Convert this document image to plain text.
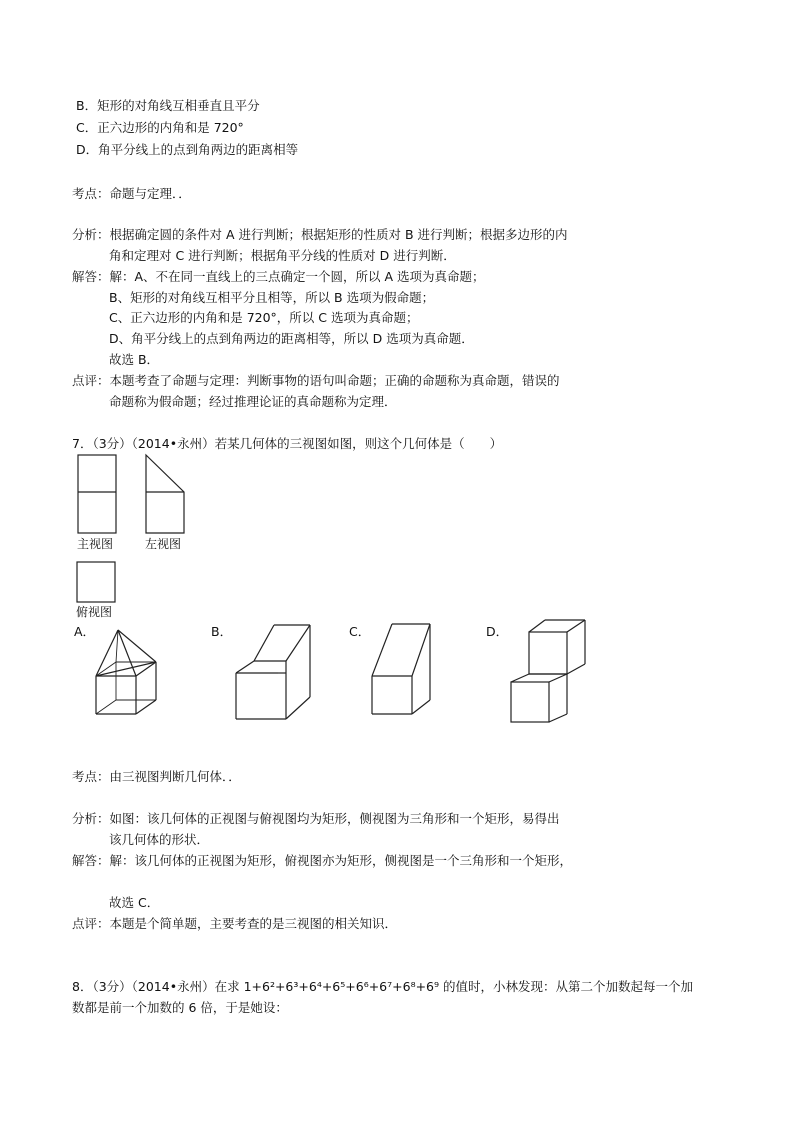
B．矩形的对角线互相垂直且平分
C．正六边形的内角和是 720°
D．角平分线上的点到角两边的距离相等
考点：命题与定理．．
分析：根据确定圆的条件对 A 进行判断；根据矩形的性质对 B 进行判断；根据多边形的内
角和定理对 C 进行判断；根据角平分线的性质对 D 进行判断．
解答：解：A、不在同一直线上的三点确定一个圆，所以 A 选项为真命题；
B、矩形的对角线互相平分且相等，所以 B 选项为假命题；
C、正六边形的内角和是 720°，所以 C 选项为真命题；
D、角平分线上的点到角两边的距离相等，所以 D 选项为真命题．
故选 B．
点评：本题考查了命题与定理：判断事物的语句叫命题；正确的命题称为真命题，错误的
命题称为假命题；经过推理论证的真命题称为定理．
7．（3分）（2014•永州）若某几何体的三视图如图，则这个几何体是（　　）
主视图	左视图
俯视图
A．	B．	C．	D．
考点：由三视图判断几何体．．
分析：如图：该几何体的正视图与俯视图均为矩形，侧视图为三角形和一个矩形，易得出
该几何体的形状．
解答：解：该几何体的正视图为矩形，俯视图亦为矩形，侧视图是一个三角形和一个矩形，
故选 C．
点评：本题是个简单题，主要考查的是三视图的相关知识．
8．（3分）（2014•永州）在求 1+6²+6³+6⁴+6⁵+6⁶+6⁷+6⁸+6⁹ 的值时，小林发现：从第二个加数起每一个加
数都是前一个加数的 6 倍，于是她设：
